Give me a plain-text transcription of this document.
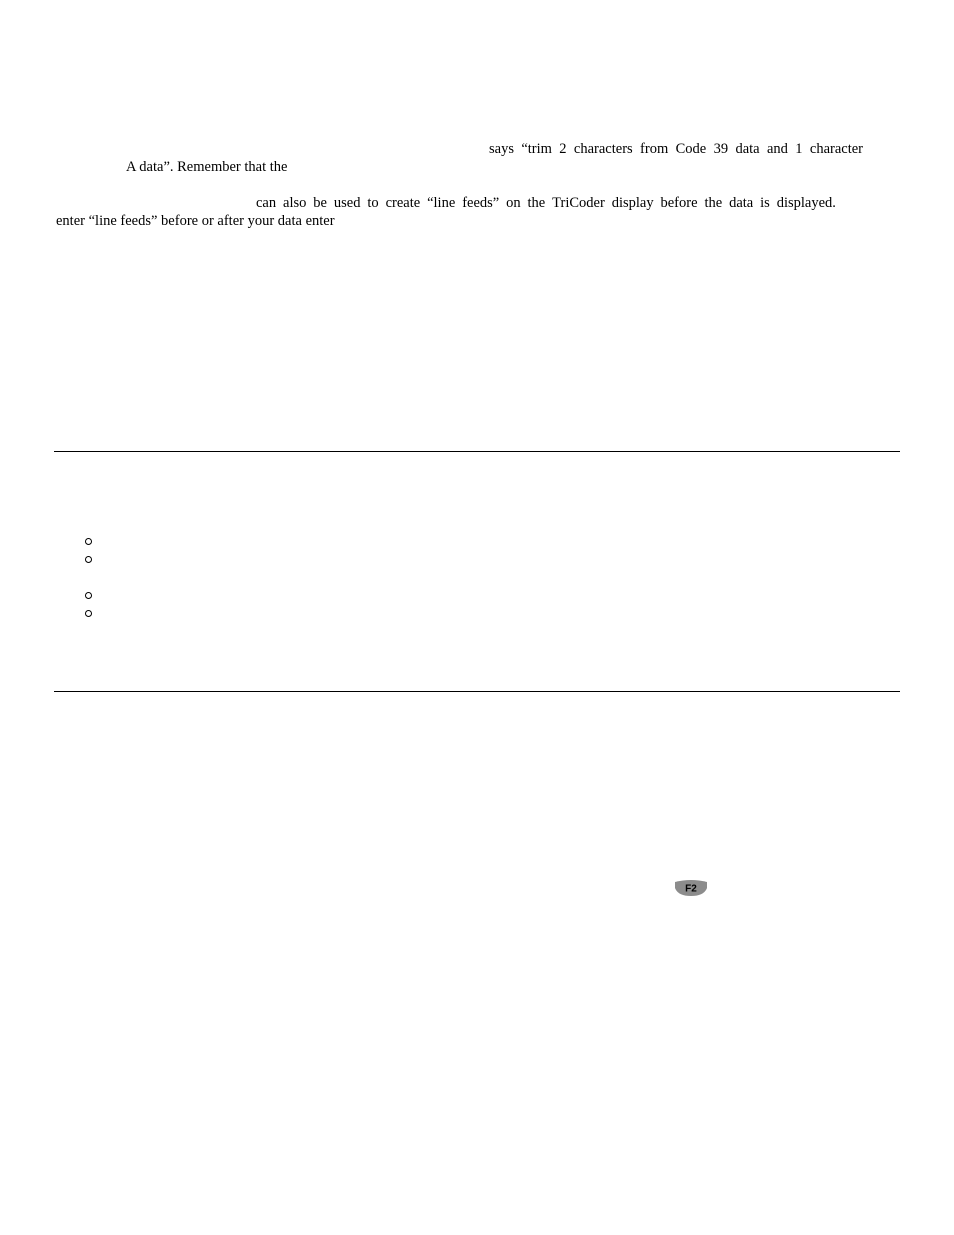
says “trim 2 characters from Code 39 data and 1 character
A data”. Remember that the
can also be used to create “line feeds” on the TriCoder display before the data is displayed.
enter “line feeds” before or after your data enter
F2
